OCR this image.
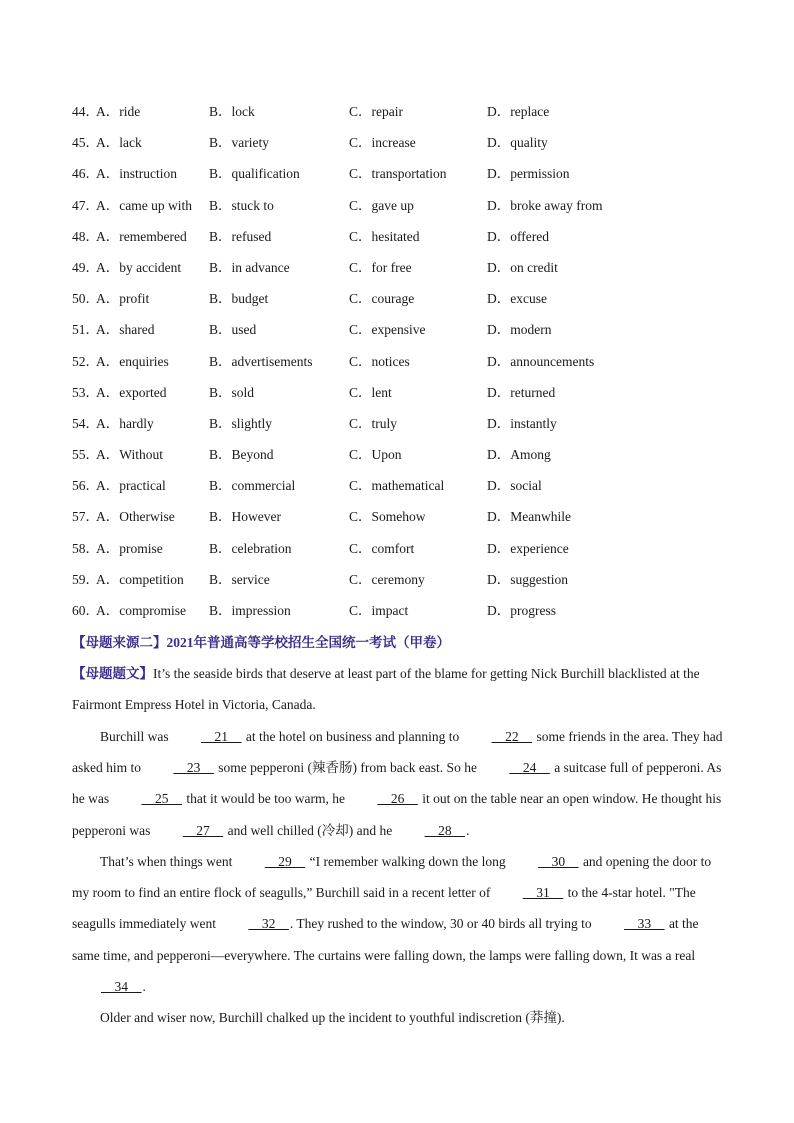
44．
A．ride	B．lock	C．repair	D．replace
45．
A．lack	B．variety	C．increase	D．quality
46．
A．instruction B．qualification	C．transportation	D．permission
47．
A．came up with B．stuck to	C．gave up	D．broke away from
48．
A．remembered B．refused	C．hesitated	D．offered
49．
A．by accident B．in advance	C．for free	D．on credit
50．
A．profit	B．budget	C．courage	D．excuse
51．
A．shared	B．used	C．expensive	D．modern
52．
A．enquiries	B．advertisements	C．notices	D．announcements
53．
A．exported	B．sold	C．lent	D．returned
54．
A．hardly	B．slightly	C．truly	D．instantly
55．
A．Without	B．Beyond	C．Upon	D．Among
56．
A．practical	B．commercial	C．mathematical	D．social
57．
A．Otherwise	B．However	C．Somehow	D．Meanwhile
58．
A．promise	B．celebration	C．comfort	D．experience
59．
A．competition B．service	C．ceremony	D．suggestion
60．
A．compromise B．impression	C．impact	D．progress
【母题来源二】2021年普通高等学校招生全国统一考试（甲卷）
【母题题文】It’s the seaside birds that deserve at least part of the blame for getting Nick Burchill blacklisted at the Fairmont Empress Hotel in Victoria, Canada.
Burchill was     21     at the hotel on business and planning to     22     some friends in the area. They had asked him to     23     some pepperoni (辣香肠) from back east. So he     24     a suitcase full of pepperoni. As he was     25     that it would be too warm, he     26     it out on the table near an open window. He thought his pepperoni was     27     and well chilled (冷却) and he     28    .
That’s when things went     29     “I remember walking down the long     30     and opening the door to my room to find an entire flock of seagulls,” Burchill said in a recent letter of     31     to the 4-star hotel. "The seagulls immediately went     32    . They rushed to the window, 30 or 40 birds all trying to     33     at the same time, and pepperoni—everywhere. The curtains were falling down, the lamps were falling down, It was a real     34    .
Older and wiser now, Burchill chalked up the incident to youthful indiscretion (莽撞).
